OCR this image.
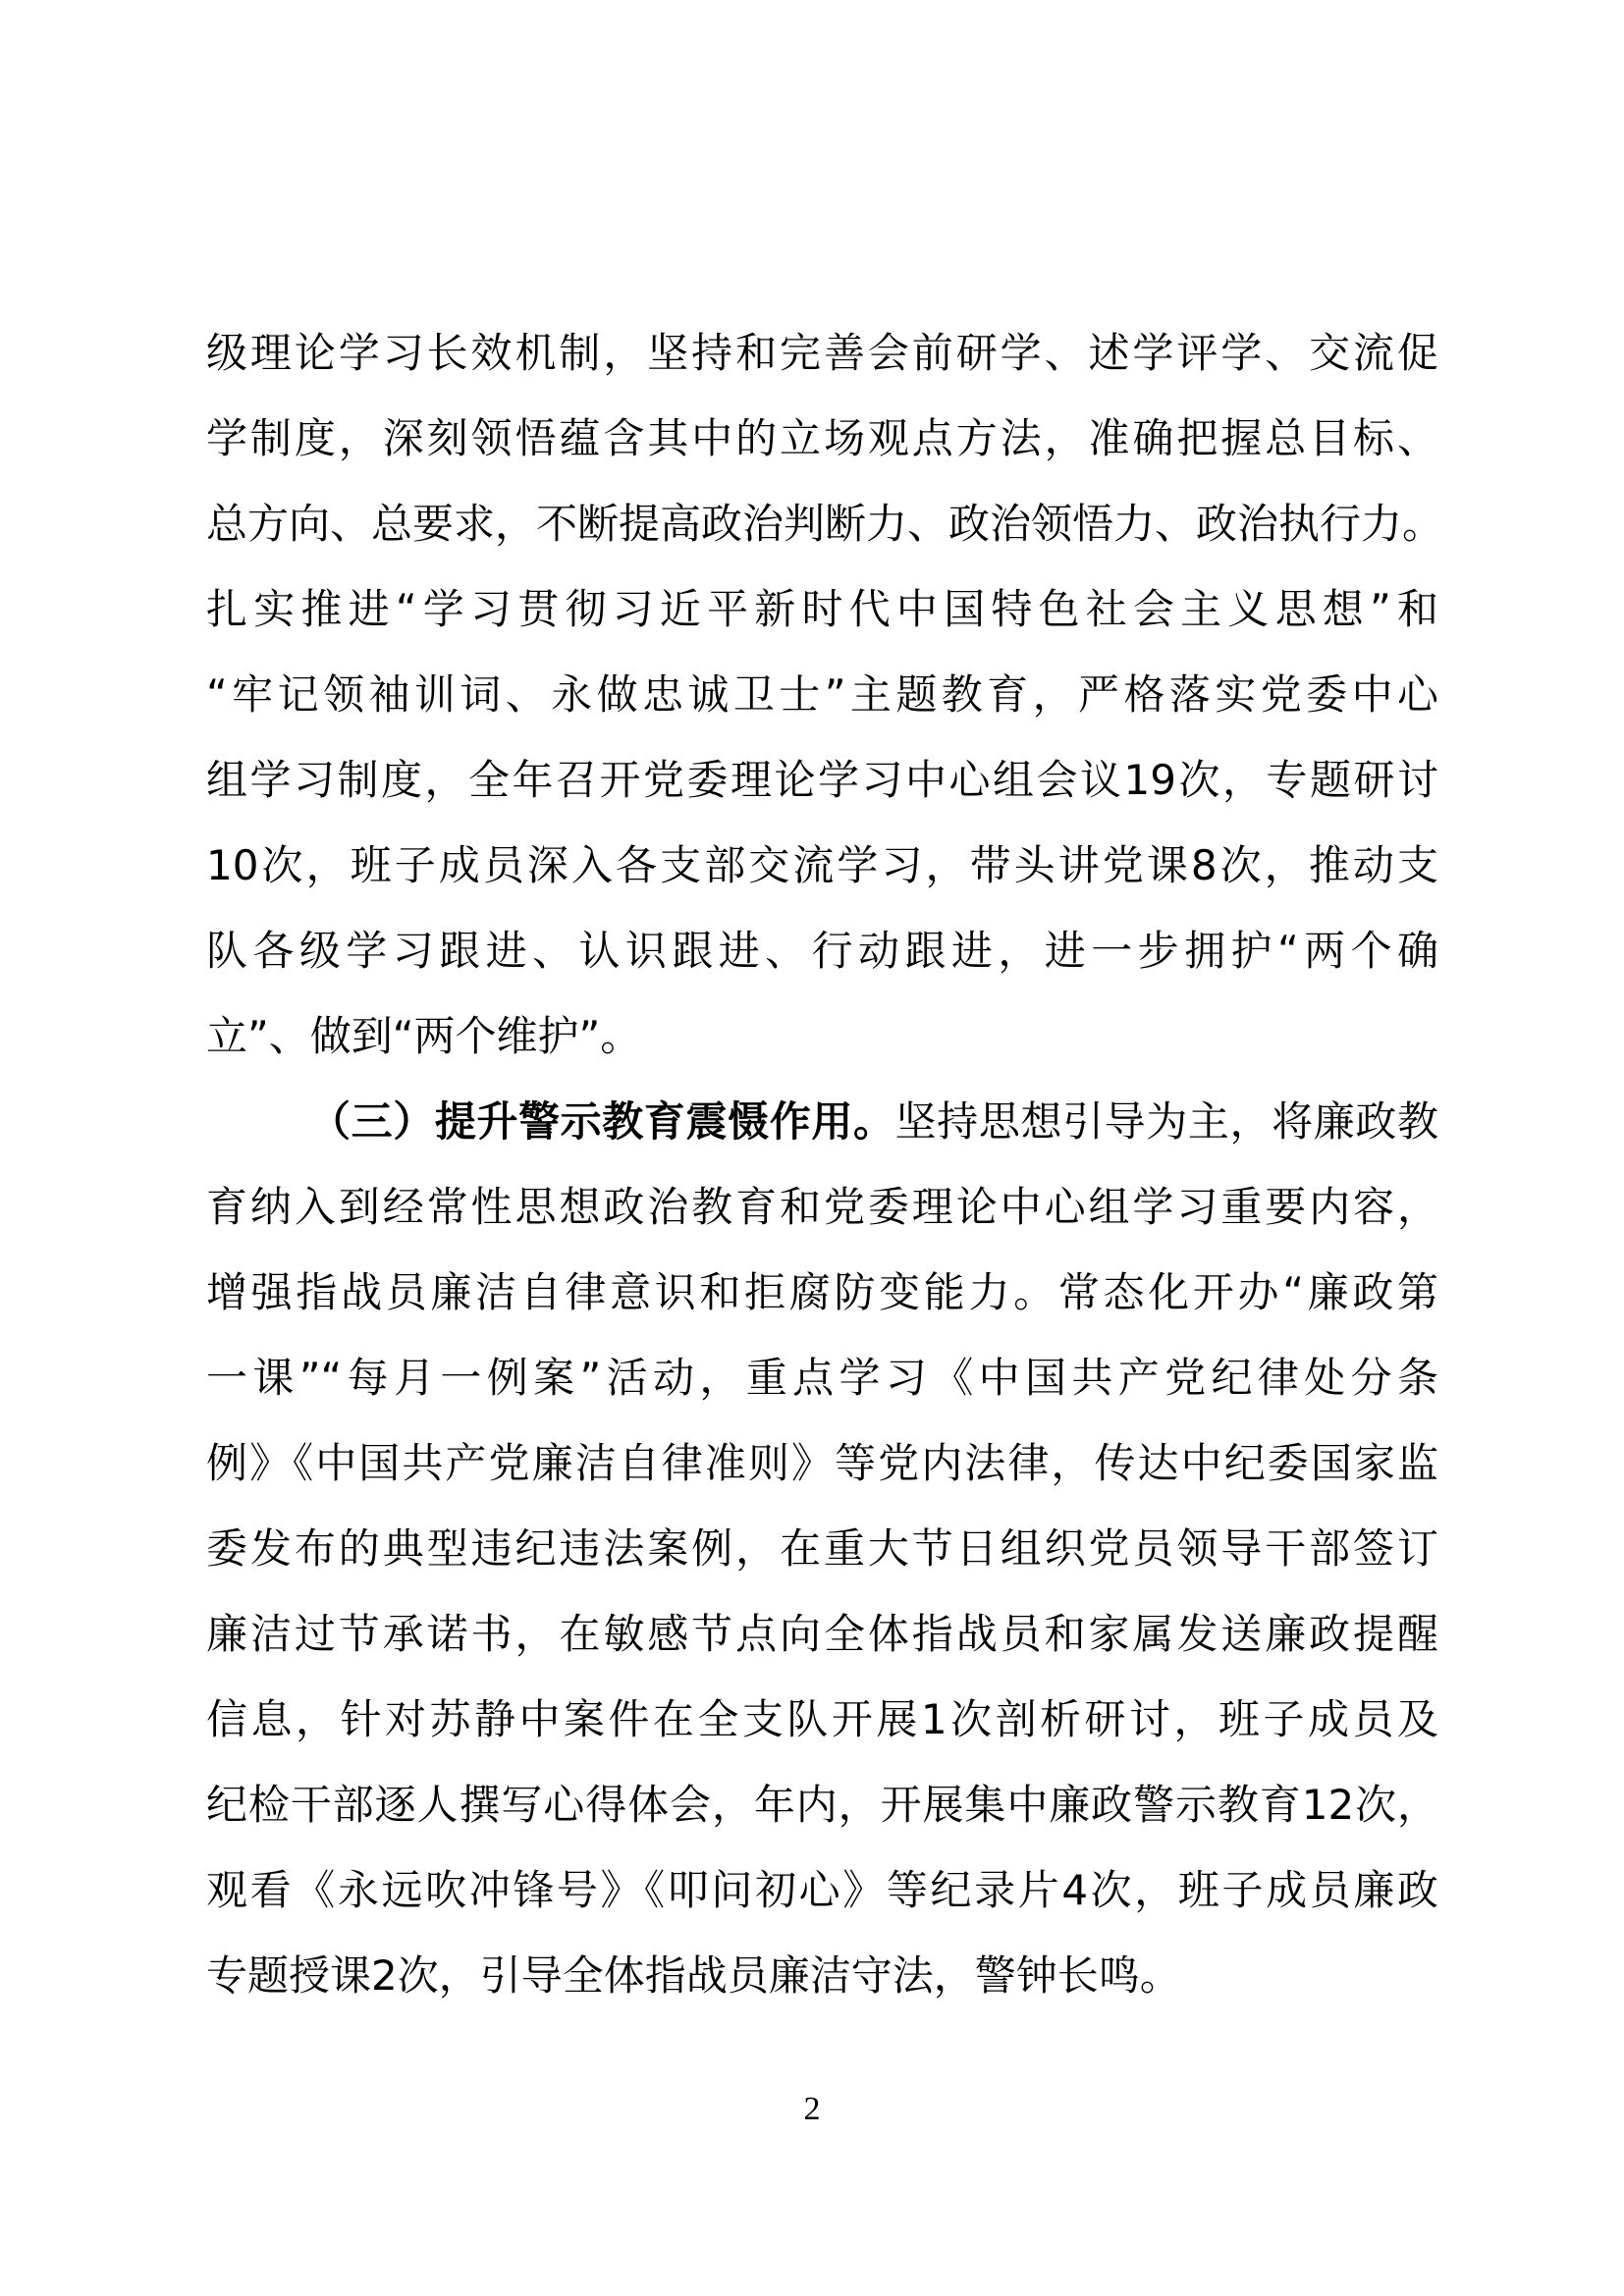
级理论学习长效机制，坚持和完善会前研学、述学评学、交流促
学制度，深刻领悟蕴含其中的立场观点方法，准确把握总目标、
总方向、总要求，不断提高政治判断力、政治领悟力、政治执行力。
扎实推进“学习贯彻习近平新时代中国特色社会主义思想”和
“牢记领袖训词、永做忠诚卫士”主题教育，严格落实党委中心
组学习制度，全年召开党委理论学习中心组会议19次，专题研讨
10次，班子成员深入各支部交流学习，带头讲党课8次，推动支
队各级学习跟进、认识跟进、行动跟进，进一步拥护“两个确
立”、做到“两个维护”。
（三）提升警示教育震慑作用。坚持思想引导为主，将廉政教
育纳入到经常性思想政治教育和党委理论中心组学习重要内容，
增强指战员廉洁自律意识和拒腐防变能力。常态化开办“廉政第
一课”“每月一例案”活动，重点学习《中国共产党纪律处分条
例》《中国共产党廉洁自律准则》等党内法律，传达中纪委国家监
委发布的典型违纪违法案例，在重大节日组织党员领导干部签订
廉洁过节承诺书，在敏感节点向全体指战员和家属发送廉政提醒
信息，针对苏静中案件在全支队开展1次剖析研讨，班子成员及
纪检干部逐人撰写心得体会，年内，开展集中廉政警示教育12次，
观看《永远吹冲锋号》《叩问初心》等纪录片4次，班子成员廉政
专题授课2次，引导全体指战员廉洁守法，警钟长鸣。
2
